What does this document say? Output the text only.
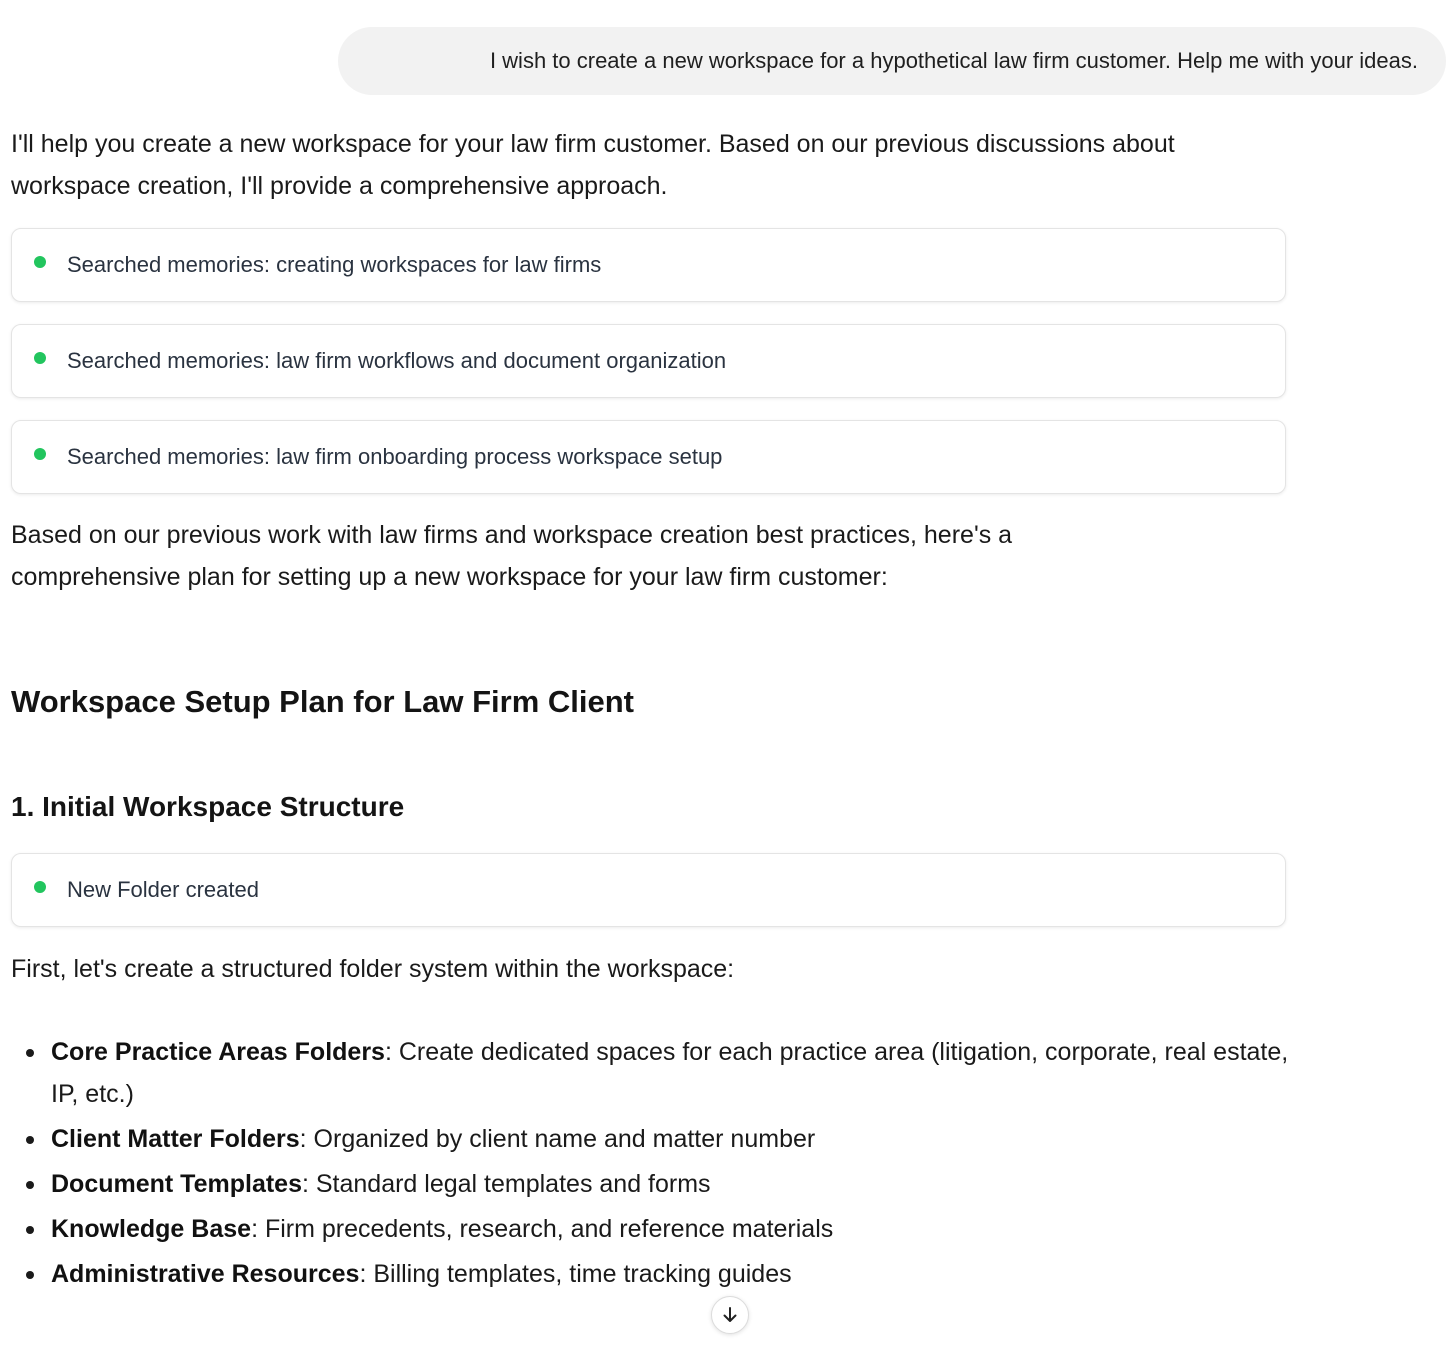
I wish to create a new workspace for a hypothetical law firm customer. Help me with your ideas.

I'll help you create a new workspace for your law firm customer. Based on our previous discussions about workspace creation, I'll provide a comprehensive approach.

Searched memories: creating workspaces for law firms
Searched memories: law firm workflows and document organization
Searched memories: law firm onboarding process workspace setup

Based on our previous work with law firms and workspace creation best practices, here's a comprehensive plan for setting up a new workspace for your law firm customer:

Workspace Setup Plan for Law Firm Client
1. Initial Workspace Structure
New Folder created

First, let's create a structured folder system within the workspace:

Core Practice Areas Folders: Create dedicated spaces for each practice area (litigation, corporate, real estate, IP, etc.)
Client Matter Folders: Organized by client name and matter number
Document Templates: Standard legal templates and forms
Knowledge Base: Firm precedents, research, and reference materials
Administrative Resources: Billing templates, time tracking guides
